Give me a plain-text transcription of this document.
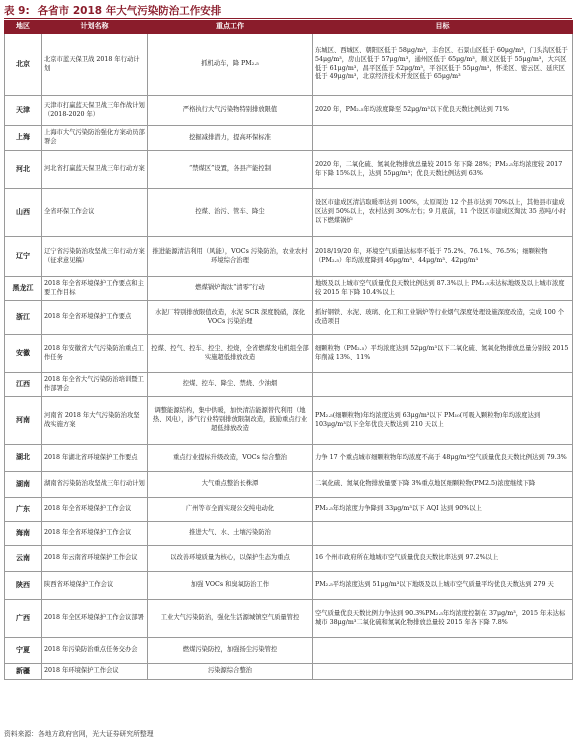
表 9: 各省市 2018 年大气污染防治工作安排
地区	计划名称	重点工作	目标
北京	北京市蓝天保卫战 2018 年行动计划	抓机动车，降 PM₂.₅	东城区、西城区、朝阳区低于 58μg/m³，丰台区、石景山区低于 60μg/m³，门头沟区低于 54μg/m³，房山区低于 57μg/m³，通州区低于 65μg/m³，顺义区低于 55μg/m³，大兴区低于 61μg/m³，昌平区低于 52μg/m³，平谷区低于 55μg/m³，怀柔区、密云区、延庆区低于 49μg/m³，北京经济技术开发区低于 65μg/m³
天津	天津市打赢蓝天保卫战三年作战计划（2018-2020 年）	严格执行大气污染物特别排放限值	2020 年，PM₂.₅年均浓度降至 52μg/m³以下优良天数比例达到 71%
上海	上海市大气污染防治强化方案动员部署会	挖掘减排潜力，提高环保标准	
河北	河北省打赢蓝天保卫战三年行动方案	“禁煤区”设置，各县产能控制	2020 年，二氧化硫、氮氧化物排放总量较 2015 年下降 28%；PM₂.₅年均浓度较 2017 年下降 15%以上，达到 55μg/m³；优良天数比例达到 63%
山西	全省环保工作会议	控煤、治污、管车、降尘	设区市建成区清洁取暖率达到 100%，太原周边 12 个县市达到 70%以上，其他县市建成区达到 50%以上，农村达到 30%左右；9 月底前，11 个设区市建成区淘汰 35 蒸吨/小时以下燃煤锅炉
辽宁	辽宁省污染防治攻坚战三年行动方案（征求意见稿）	推进能源清洁利用（风能），VOCs 污染防治，农业农村环境综合治理	2018/19/20 年，环境空气质量达标率不低于 75.2%、76.1%、76.5%；细颗粒物（PM₂.₅）年均浓度降到 46μg/m³、44μg/m³、42μg/m³
黑龙江	2018 年全省环境保护工作要点和主要工作目标	燃煤锅炉淘汰“清零”行动	地级及以上城市空气质量优良天数比例达到 87.3%以上 PM₂.₅未达标地级及以上城市浓度较 2015 年下降 10.4%以上
浙江	2018 年全省环境保护工作要点	水泥厂特别排放限值改造，水泥 SCR 深度脱硝，深化 VOCs 污染治理	抓好钢铁、水泥、玻璃、化工和工业锅炉等行业烟气深度处理设施深度改造，完成 100 个改造项目
安徽	2018 年安徽省大气污染防治重点工作任务	控煤、控气、控车、控尘、控烧，全省燃煤发电机组全部实施超低排放改造	细颗粒物（PM₂.₅）平均浓度达到 52μg/m³以下二氧化硫、氮氧化物排放总量分别较 2015 年削减 13%、11%
江西	2018 年全省大气污染防治培训暨工作部署会	控煤、控车、降尘、禁烧、少油烟	
河南	河南省 2018 年大气污染防治攻坚战实施方案	调整能源结构，集中供暖，加快清洁能源替代利用（地热、风电），涉气行业特别排放限制改造，鼓励重点行业超低排放改造	PM₂.₅(细颗粒物)年均浓度达到 63μg/m³以下 PM₁₀(可吸入颗粒物)年均浓度达到 103μg/m³以下全年优良天数达到 210 天以上
湖北	2018 年湖北省环境保护工作要点	重点行业提标升级改造，VOCs 综合整治	力争 17 个重点城市细颗粒物年均浓度不高于 48μg/m³空气质量优良天数比例达到 79.3%
湖南	湖南省污染防治攻坚战三年行动计划	大气重点整治长株潭	二氧化硫、氮氧化物排放量要下降 3%重点地区细颗粒物(PM2.5)浓度继续下降
广东	2018 年全省环境保护工作会议	广州等市全面实现公交纯电动化	PM₂.₅年均浓度力争降到 33μg/m³以下 AQI 达到 90%以上
海南	2018 年全省环境保护工作会议	推进大气、水、土壤污染防治	
云南	2018 年云南省环境保护工作会议	以改善环境质量为核心，以保护生态为重点	16 个州市政府所在地城市空气质量优良天数比率达到 97.2%以上
陕西	陕西省环境保护工作会议	加强 VOCs 和臭氧防治工作	PM₂.₅平均浓度达到 51μg/m³以下地级及以上城市空气质量平均优良天数达到 279 天
广西	2018 年全区环境保护工作会议部署	工业大气污染防治，强化生活源城镇空气质量管控	空气质量优良天数比例力争达到 90.3%PM₂.₅年均浓度控制在 37μg/m³，2015 年未达标城市 38μg/m³二氧化硫和氮氧化物排放总量较 2015 年各下降 7.8%
宁夏	2018 年污染防治重点任务交办会	燃煤污染防控，加强扬尘污染管控	
新疆	2018 年环境保护工作会议	污染源综合整治	
资料来源：各地方政府官网，光大证券研究所整理
